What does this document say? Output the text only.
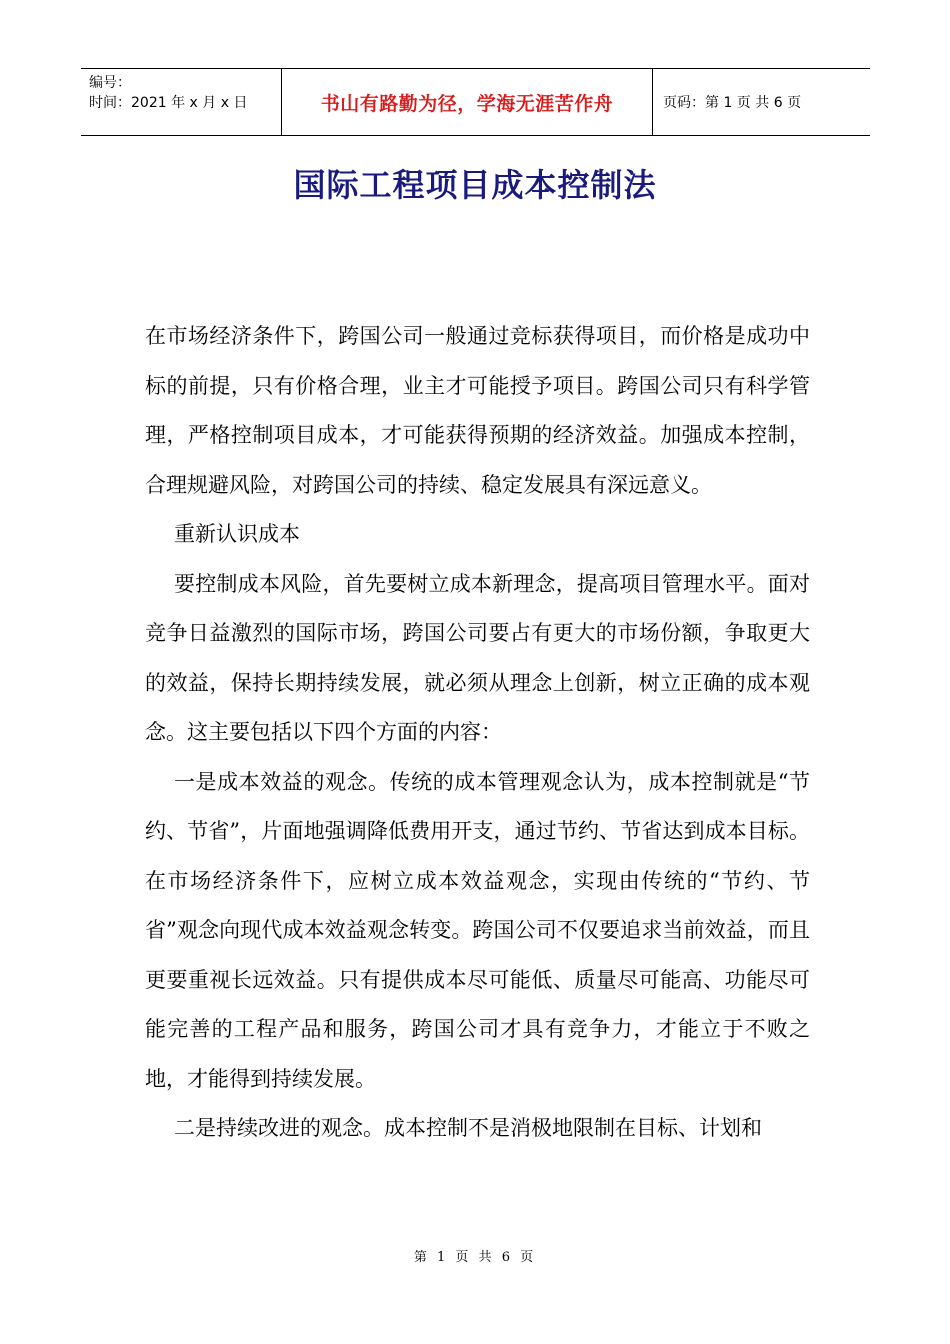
编号：
时间：2021 年 x 月 x 日	书山有路勤为径，学海无涯苦作舟	页码：第 1 页 共 6 页
国际工程项目成本控制法

在市场经济条件下，跨国公司一般通过竞标获得项目，而价格是成功中标的前提，只有价格合理，业主才可能授予项目。跨国公司只有科学管理，严格控制项目成本，才可能获得预期的经济效益。加强成本控制，合理规避风险，对跨国公司的持续、稳定发展具有深远意义。

重新认识成本

要控制成本风险，首先要树立成本新理念，提高项目管理水平。面对竞争日益激烈的国际市场，跨国公司要占有更大的市场份额，争取更大的效益，保持长期持续发展，就必须从理念上创新，树立正确的成本观念。这主要包括以下四个方面的内容：

一是成本效益的观念。传统的成本管理观念认为，成本控制就是“节约、节省”，片面地强调降低费用开支，通过节约、节省达到成本目标。在市场经济条件下，应树立成本效益观念，实现由传统的“节约、节省”观念向现代成本效益观念转变。跨国公司不仅要追求当前效益，而且更要重视长远效益。只有提供成本尽可能低、质量尽可能高、功能尽可能完善的工程产品和服务，跨国公司才具有竞争力，才能立于不败之地，才能得到持续发展。

二是持续改进的观念。成本控制不是消极地限制在目标、计划和

第 1 页 共 6 页
